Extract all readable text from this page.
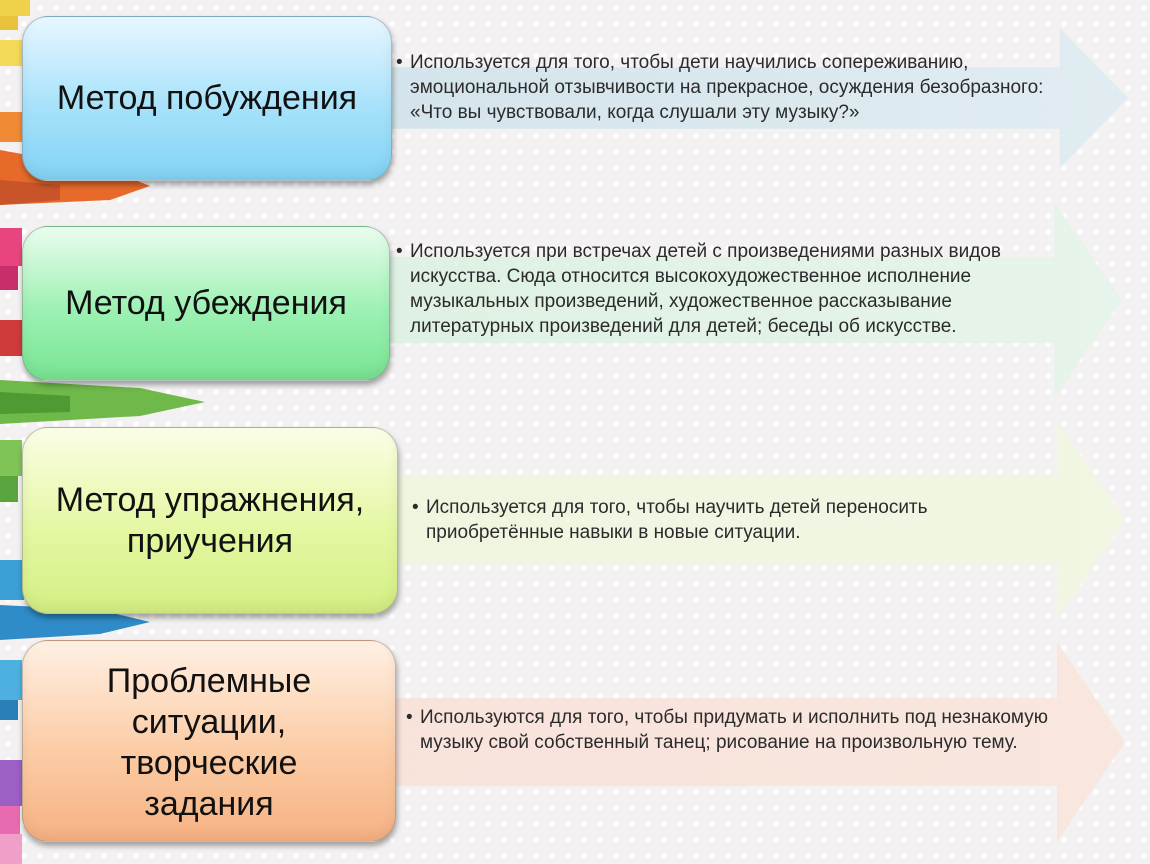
Метод побуждения
Метод убеждения
Метод упражнения,
приучения
Проблемные
ситуации,
творческие
задания
• Используется для того, чтобы дети научились сопереживанию, эмоциональной отзывчивости на прекрасное, осуждения безобразного: «Что вы чувствовали, когда слушали эту музыку?»
• Используется при встречах детей с произведениями разных видов искусства. Сюда относится высокохудожественное исполнение музыкальных произведений, художественное рассказывание литературных произведений для детей; беседы об искусстве.
• Используется для того, чтобы научить детей переносить приобретённые навыки в новые ситуации.
• Используются для того, чтобы придумать и исполнить под незнакомую музыку свой собственный танец; рисование на произвольную тему.
